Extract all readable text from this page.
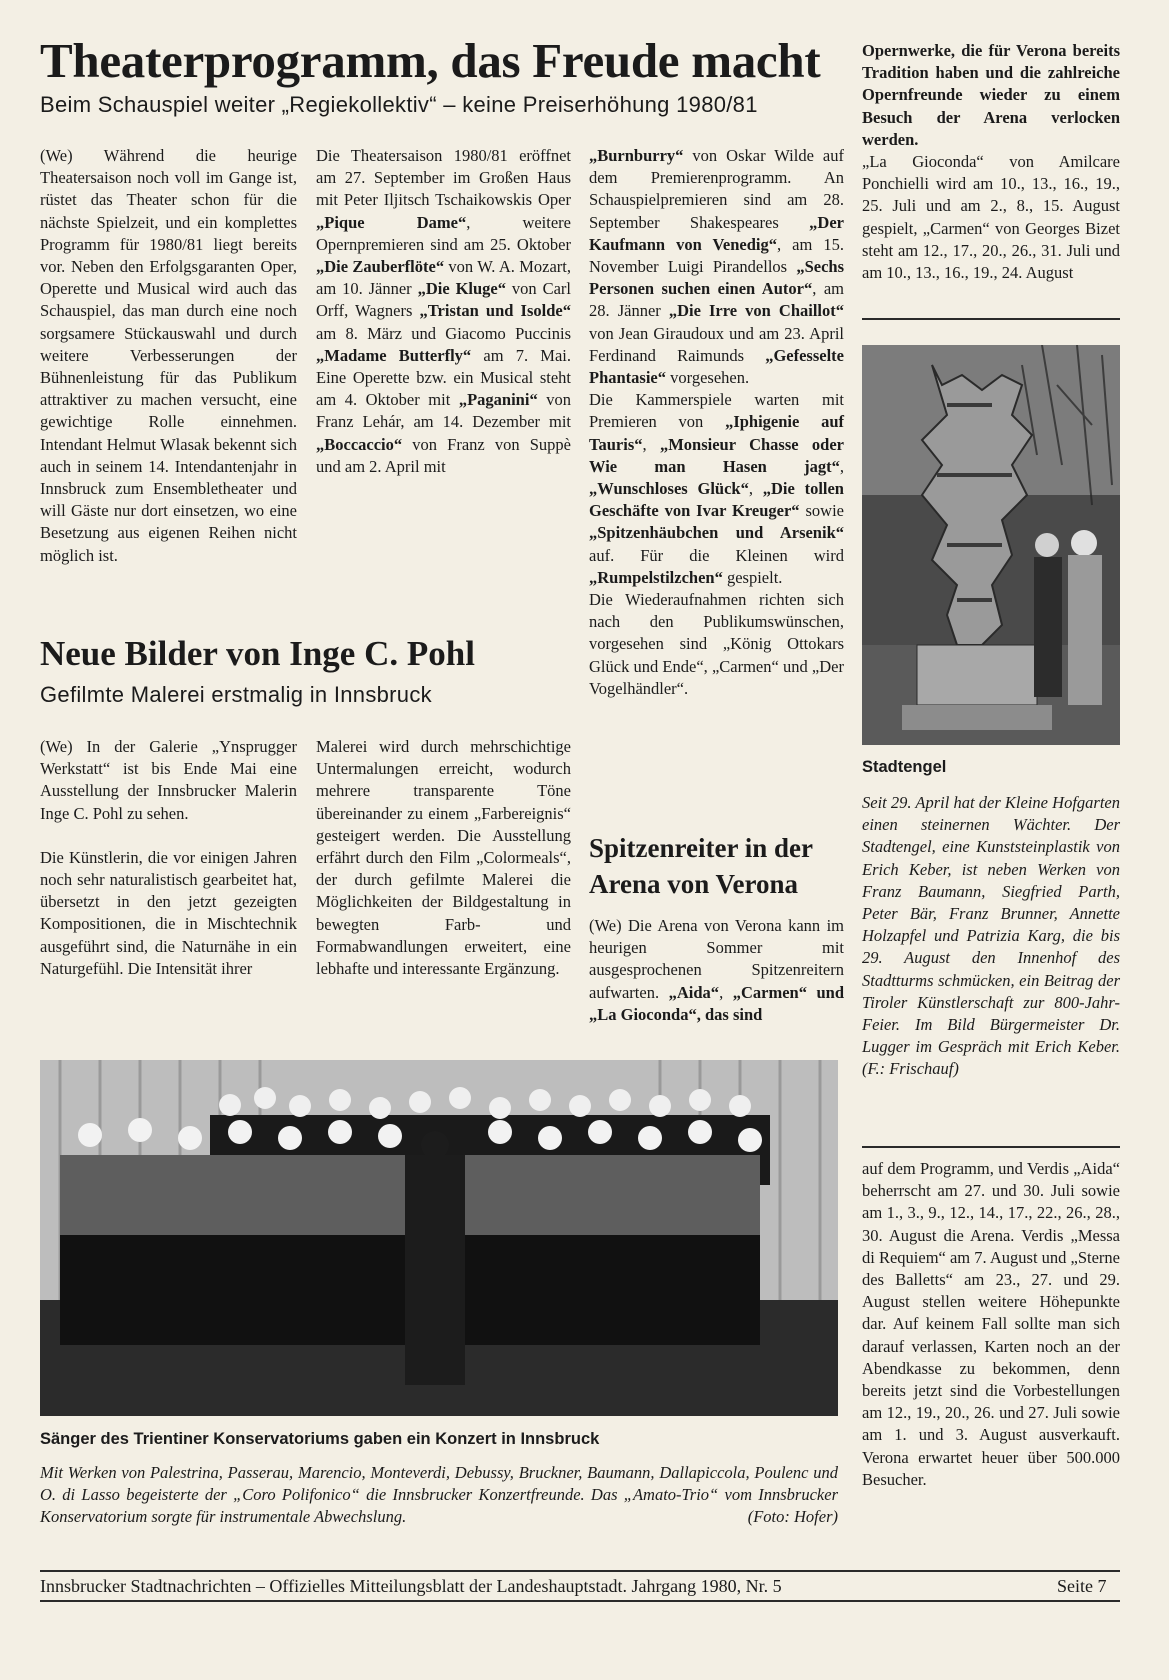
Theaterprogramm, das Freude macht
Beim Schauspiel weiter „Regiekollektiv“ – keine Preiserhöhung 1980/81

(We) Während die heurige Theatersaison noch voll im Gange ist, rüstet das Theater schon für die nächste Spielzeit, und ein komplettes Programm für 1980/81 liegt bereits vor. Neben den Erfolgsgaranten Oper, Operette und Musical wird auch das Schauspiel, das man durch eine noch sorgsamere Stückauswahl und durch weitere Verbesserungen der Bühnenleistung für das Publikum attraktiver zu machen versucht, eine gewichtige Rolle einnehmen. Intendant Helmut Wlasak bekennt sich auch in seinem 14. Intendantenjahr in Innsbruck zum Ensembletheater und will Gäste nur dort einsetzen, wo eine Besetzung aus eigenen Reihen nicht möglich ist.

Die Theatersaison 1980/81 eröffnet am 27. September im Großen Haus mit Peter Iljitsch Tschaikowskis Oper „Pique Dame“, weitere Opernpremieren sind am 25. Oktober „Die Zauberflöte“ von W. A. Mozart, am 10. Jänner „Die Kluge“ von Carl Orff, Wagners „Tristan und Isolde“ am 8. März und Giacomo Puccinis „Madame Butterfly“ am 7. Mai. Eine Operette bzw. ein Musical steht am 4. Oktober mit „Paganini“ von Franz Lehár, am 14. Dezember mit „Boccaccio“ von Franz von Suppè und am 2. April mit

„Burnburry“ von Oskar Wilde auf dem Premierenprogramm. An Schauspielpremieren sind am 28. September Shakespeares „Der Kaufmann von Venedig“, am 15. November Luigi Pirandellos „Sechs Personen suchen einen Autor“, am 28. Jänner „Die Irre von Chaillot“ von Jean Giraudoux und am 23. April Ferdinand Raimunds „Gefesselte Phantasie“ vorgesehen.
Die Kammerspiele warten mit Premieren von „Iphigenie auf Tauris“, „Monsieur Chasse oder Wie man Hasen jagt“, „Wunschloses Glück“, „Die tollen Geschäfte von Ivar Kreuger“ sowie „Spitzenhäubchen und Arsenik“ auf. Für die Kleinen wird „Rumpelstilzchen“ gespielt.
Die Wiederaufnahmen richten sich nach den Publikumswünschen, vorgesehen sind „König Ottokars Glück und Ende“, „Carmen“ und „Der Vogelhändler“.

Neue Bilder von Inge C. Pohl
Gefilmte Malerei erstmalig in Innsbruck

(We) In der Galerie „Ynsprugger Werkstatt“ ist bis Ende Mai eine Ausstellung der Innsbrucker Malerin Inge C. Pohl zu sehen.

Die Künstlerin, die vor einigen Jahren noch sehr naturalistisch gearbeitet hat, übersetzt in den jetzt gezeigten Kompositionen, die in Mischtechnik ausgeführt sind, die Naturnähe in ein Naturgefühl. Die Intensität ihrer

Malerei wird durch mehrschichtige Untermalungen erreicht, wodurch mehrere transparente Töne übereinander zu einem „Farbereignis“ gesteigert werden. Die Ausstellung erfährt durch den Film „Colormeals“, der durch gefilmte Malerei die Möglichkeiten der Bildgestaltung in bewegten Farb- und Formabwandlungen erweitert, eine lebhafte und interessante Ergänzung.

Spitzenreiter in der Arena von Verona

(We) Die Arena von Verona kann im heurigen Sommer mit ausgesprochenen Spitzenreitern aufwarten. „Aida“, „Carmen“ und „La Gioconda“, das sind

Opernwerke, die für Verona bereits Tradition haben und die zahlreiche Opernfreunde wieder zu einem Besuch der Arena verlocken werden.
„La Gioconda“ von Amilcare Ponchielli wird am 10., 13., 16., 19., 25. Juli und am 2., 8., 15. August gespielt, „Carmen“ von Georges Bizet steht am 12., 17., 20., 26., 31. Juli und am 10., 13., 16., 19., 24. August

Stadtengel

Seit 29. April hat der Kleine Hofgarten einen steinernen Wächter. Der Stadtengel, eine Kunststeinplastik von Erich Keber, ist neben Werken von Franz Baumann, Siegfried Parth, Peter Bär, Franz Brunner, Annette Holzapfel und Patrizia Karg, die bis 29. August den Innenhof des Stadtturms schmücken, ein Beitrag der Tiroler Künstlerschaft zur 800-Jahr-Feier. Im Bild Bürgermeister Dr. Lugger im Gespräch mit Erich Keber. (F.: Frischauf)

auf dem Programm, und Verdis „Aida“ beherrscht am 27. und 30. Juli sowie am 1., 3., 9., 12., 14., 17., 22., 26., 28., 30. August die Arena. Verdis „Messa di Requiem“ am 7. August und „Sterne des Balletts“ am 23., 27. und 29. August stellen weitere Höhepunkte dar. Auf keinem Fall sollte man sich darauf verlassen, Karten noch an der Abendkasse zu bekommen, denn bereits jetzt sind die Vorbestellungen am 12., 19., 20., 26. und 27. Juli sowie am 1. und 3. August ausverkauft. Verona erwartet heuer über 500.000 Besucher.

Sänger des Trientiner Konservatoriums gaben ein Konzert in Innsbruck

Mit Werken von Palestrina, Passerau, Marencio, Monteverdi, Debussy, Bruckner, Baumann, Dallapiccola, Poulenc und O. di Lasso begeisterte der „Coro Polifonico“ die Innsbrucker Konzertfreunde. Das „Amato-Trio“ vom Innsbrucker Konservatorium sorgte für instrumentale Abwechslung.	(Foto: Hofer)

Innsbrucker Stadtnachrichten – Offizielles Mitteilungsblatt der Landeshauptstadt. Jahrgang 1980, Nr. 5	Seite 7
